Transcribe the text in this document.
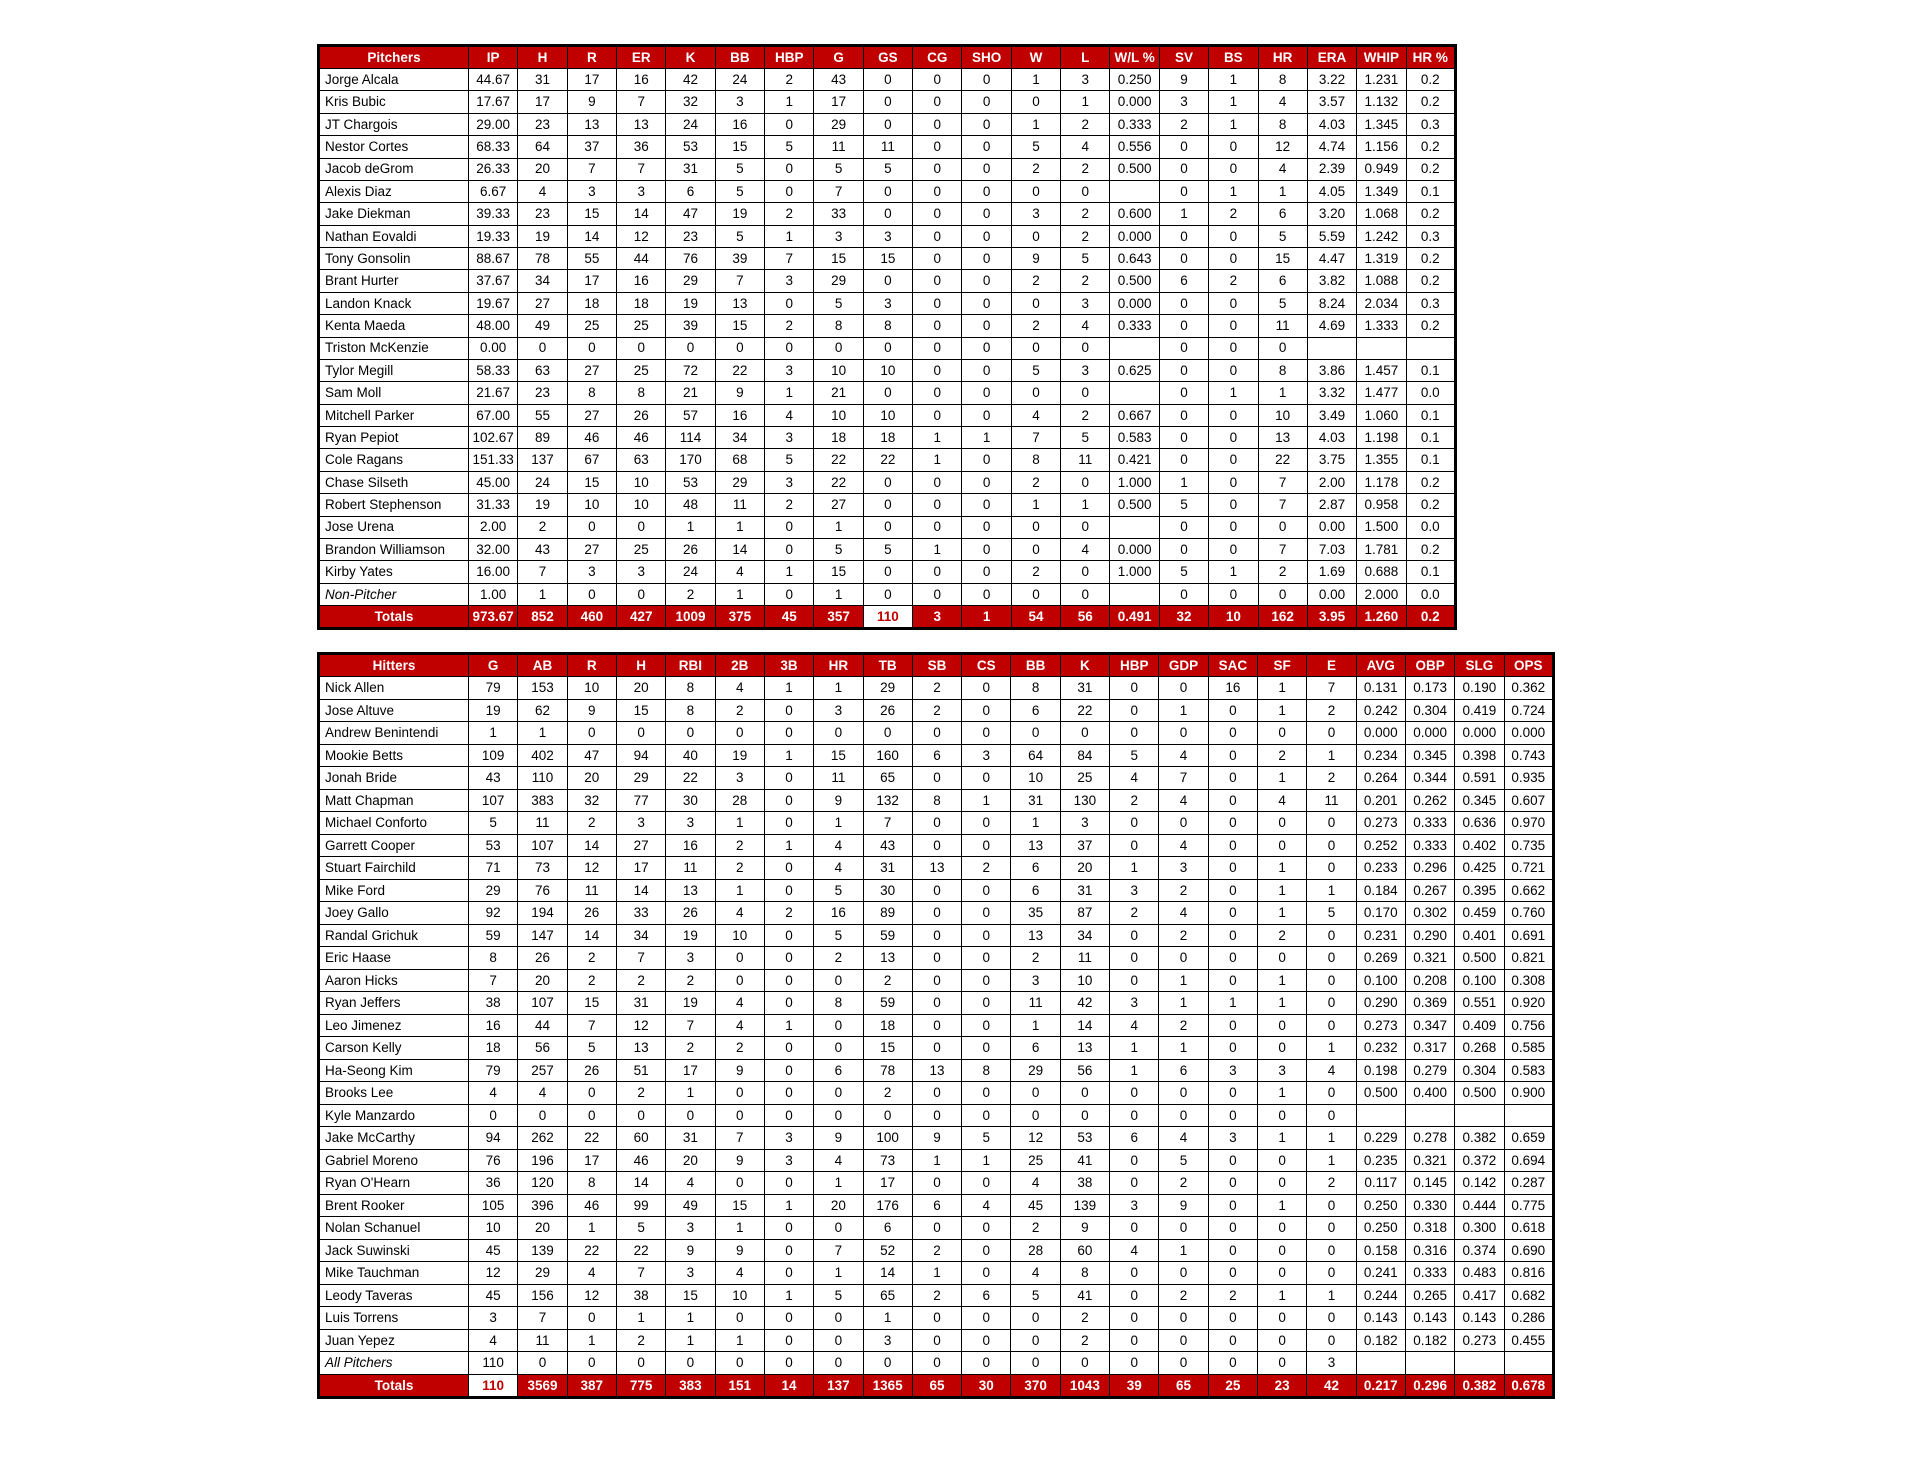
Pitchers	IP	H	R	ER	K	BB	HBP	G	GS	CG	SHO	W	L	W/L %	SV	BS	HR	ERA	WHIP	HR %
Jorge Alcala	44.67	31	17	16	42	24	2	43	0	0	0	1	3	0.250	9	1	8	3.22	1.231	0.2
Kris Bubic	17.67	17	9	7	32	3	1	17	0	0	0	0	1	0.000	3	1	4	3.57	1.132	0.2
JT Chargois	29.00	23	13	13	24	16	0	29	0	0	0	1	2	0.333	2	1	8	4.03	1.345	0.3
Nestor Cortes	68.33	64	37	36	53	15	5	11	11	0	0	5	4	0.556	0	0	12	4.74	1.156	0.2
Jacob deGrom	26.33	20	7	7	31	5	0	5	5	0	0	2	2	0.500	0	0	4	2.39	0.949	0.2
Alexis Diaz	6.67	4	3	3	6	5	0	7	0	0	0	0	0		0	1	1	4.05	1.349	0.1
Jake Diekman	39.33	23	15	14	47	19	2	33	0	0	0	3	2	0.600	1	2	6	3.20	1.068	0.2
Nathan Eovaldi	19.33	19	14	12	23	5	1	3	3	0	0	0	2	0.000	0	0	5	5.59	1.242	0.3
Tony Gonsolin	88.67	78	55	44	76	39	7	15	15	0	0	9	5	0.643	0	0	15	4.47	1.319	0.2
Brant Hurter	37.67	34	17	16	29	7	3	29	0	0	0	2	2	0.500	6	2	6	3.82	1.088	0.2
Landon Knack	19.67	27	18	18	19	13	0	5	3	0	0	0	3	0.000	0	0	5	8.24	2.034	0.3
Kenta Maeda	48.00	49	25	25	39	15	2	8	8	0	0	2	4	0.333	0	0	11	4.69	1.333	0.2
Triston McKenzie	0.00	0	0	0	0	0	0	0	0	0	0	0	0		0	0	0			
Tylor Megill	58.33	63	27	25	72	22	3	10	10	0	0	5	3	0.625	0	0	8	3.86	1.457	0.1
Sam Moll	21.67	23	8	8	21	9	1	21	0	0	0	0	0		0	1	1	3.32	1.477	0.0
Mitchell Parker	67.00	55	27	26	57	16	4	10	10	0	0	4	2	0.667	0	0	10	3.49	1.060	0.1
Ryan Pepiot	102.67	89	46	46	114	34	3	18	18	1	1	7	5	0.583	0	0	13	4.03	1.198	0.1
Cole Ragans	151.33	137	67	63	170	68	5	22	22	1	0	8	11	0.421	0	0	22	3.75	1.355	0.1
Chase Silseth	45.00	24	15	10	53	29	3	22	0	0	0	2	0	1.000	1	0	7	2.00	1.178	0.2
Robert Stephenson	31.33	19	10	10	48	11	2	27	0	0	0	1	1	0.500	5	0	7	2.87	0.958	0.2
Jose Urena	2.00	2	0	0	1	1	0	1	0	0	0	0	0		0	0	0	0.00	1.500	0.0
Brandon Williamson	32.00	43	27	25	26	14	0	5	5	1	0	0	4	0.000	0	0	7	7.03	1.781	0.2
Kirby Yates	16.00	7	3	3	24	4	1	15	0	0	0	2	0	1.000	5	1	2	1.69	0.688	0.1
Non-Pitcher	1.00	1	0	0	2	1	0	1	0	0	0	0	0		0	0	0	0.00	2.000	0.0
Totals	973.67	852	460	427	1009	375	45	357	110	3	1	54	56	0.491	32	10	162	3.95	1.260	0.2
Hitters	G	AB	R	H	RBI	2B	3B	HR	TB	SB	CS	BB	K	HBP	GDP	SAC	SF	E	AVG	OBP	SLG	OPS
Nick Allen	79	153	10	20	8	4	1	1	29	2	0	8	31	0	0	16	1	7	0.131	0.173	0.190	0.362
Jose Altuve	19	62	9	15	8	2	0	3	26	2	0	6	22	0	1	0	1	2	0.242	0.304	0.419	0.724
Andrew Benintendi	1	1	0	0	0	0	0	0	0	0	0	0	0	0	0	0	0	0	0.000	0.000	0.000	0.000
Mookie Betts	109	402	47	94	40	19	1	15	160	6	3	64	84	5	4	0	2	1	0.234	0.345	0.398	0.743
Jonah Bride	43	110	20	29	22	3	0	11	65	0	0	10	25	4	7	0	1	2	0.264	0.344	0.591	0.935
Matt Chapman	107	383	32	77	30	28	0	9	132	8	1	31	130	2	4	0	4	11	0.201	0.262	0.345	0.607
Michael Conforto	5	11	2	3	3	1	0	1	7	0	0	1	3	0	0	0	0	0	0.273	0.333	0.636	0.970
Garrett Cooper	53	107	14	27	16	2	1	4	43	0	0	13	37	0	4	0	0	0	0.252	0.333	0.402	0.735
Stuart Fairchild	71	73	12	17	11	2	0	4	31	13	2	6	20	1	3	0	1	0	0.233	0.296	0.425	0.721
Mike Ford	29	76	11	14	13	1	0	5	30	0	0	6	31	3	2	0	1	1	0.184	0.267	0.395	0.662
Joey Gallo	92	194	26	33	26	4	2	16	89	0	0	35	87	2	4	0	1	5	0.170	0.302	0.459	0.760
Randal Grichuk	59	147	14	34	19	10	0	5	59	0	0	13	34	0	2	0	2	0	0.231	0.290	0.401	0.691
Eric Haase	8	26	2	7	3	0	0	2	13	0	0	2	11	0	0	0	0	0	0.269	0.321	0.500	0.821
Aaron Hicks	7	20	2	2	2	0	0	0	2	0	0	3	10	0	1	0	1	0	0.100	0.208	0.100	0.308
Ryan Jeffers	38	107	15	31	19	4	0	8	59	0	0	11	42	3	1	1	1	0	0.290	0.369	0.551	0.920
Leo Jimenez	16	44	7	12	7	4	1	0	18	0	0	1	14	4	2	0	0	0	0.273	0.347	0.409	0.756
Carson Kelly	18	56	5	13	2	2	0	0	15	0	0	6	13	1	1	0	0	1	0.232	0.317	0.268	0.585
Ha-Seong Kim	79	257	26	51	17	9	0	6	78	13	8	29	56	1	6	3	3	4	0.198	0.279	0.304	0.583
Brooks Lee	4	4	0	2	1	0	0	0	2	0	0	0	0	0	0	0	1	0	0.500	0.400	0.500	0.900
Kyle Manzardo	0	0	0	0	0	0	0	0	0	0	0	0	0	0	0	0	0	0				
Jake McCarthy	94	262	22	60	31	7	3	9	100	9	5	12	53	6	4	3	1	1	0.229	0.278	0.382	0.659
Gabriel Moreno	76	196	17	46	20	9	3	4	73	1	1	25	41	0	5	0	0	1	0.235	0.321	0.372	0.694
Ryan O'Hearn	36	120	8	14	4	0	0	1	17	0	0	4	38	0	2	0	0	2	0.117	0.145	0.142	0.287
Brent Rooker	105	396	46	99	49	15	1	20	176	6	4	45	139	3	9	0	1	0	0.250	0.330	0.444	0.775
Nolan Schanuel	10	20	1	5	3	1	0	0	6	0	0	2	9	0	0	0	0	0	0.250	0.318	0.300	0.618
Jack Suwinski	45	139	22	22	9	9	0	7	52	2	0	28	60	4	1	0	0	0	0.158	0.316	0.374	0.690
Mike Tauchman	12	29	4	7	3	4	0	1	14	1	0	4	8	0	0	0	0	0	0.241	0.333	0.483	0.816
Leody Taveras	45	156	12	38	15	10	1	5	65	2	6	5	41	0	2	2	1	1	0.244	0.265	0.417	0.682
Luis Torrens	3	7	0	1	1	0	0	0	1	0	0	0	2	0	0	0	0	0	0.143	0.143	0.143	0.286
Juan Yepez	4	11	1	2	1	1	0	0	3	0	0	0	2	0	0	0	0	0	0.182	0.182	0.273	0.455
All Pitchers	110	0	0	0	0	0	0	0	0	0	0	0	0	0	0	0	0	3				
Totals	110	3569	387	775	383	151	14	137	1365	65	30	370	1043	39	65	25	23	42	0.217	0.296	0.382	0.678
